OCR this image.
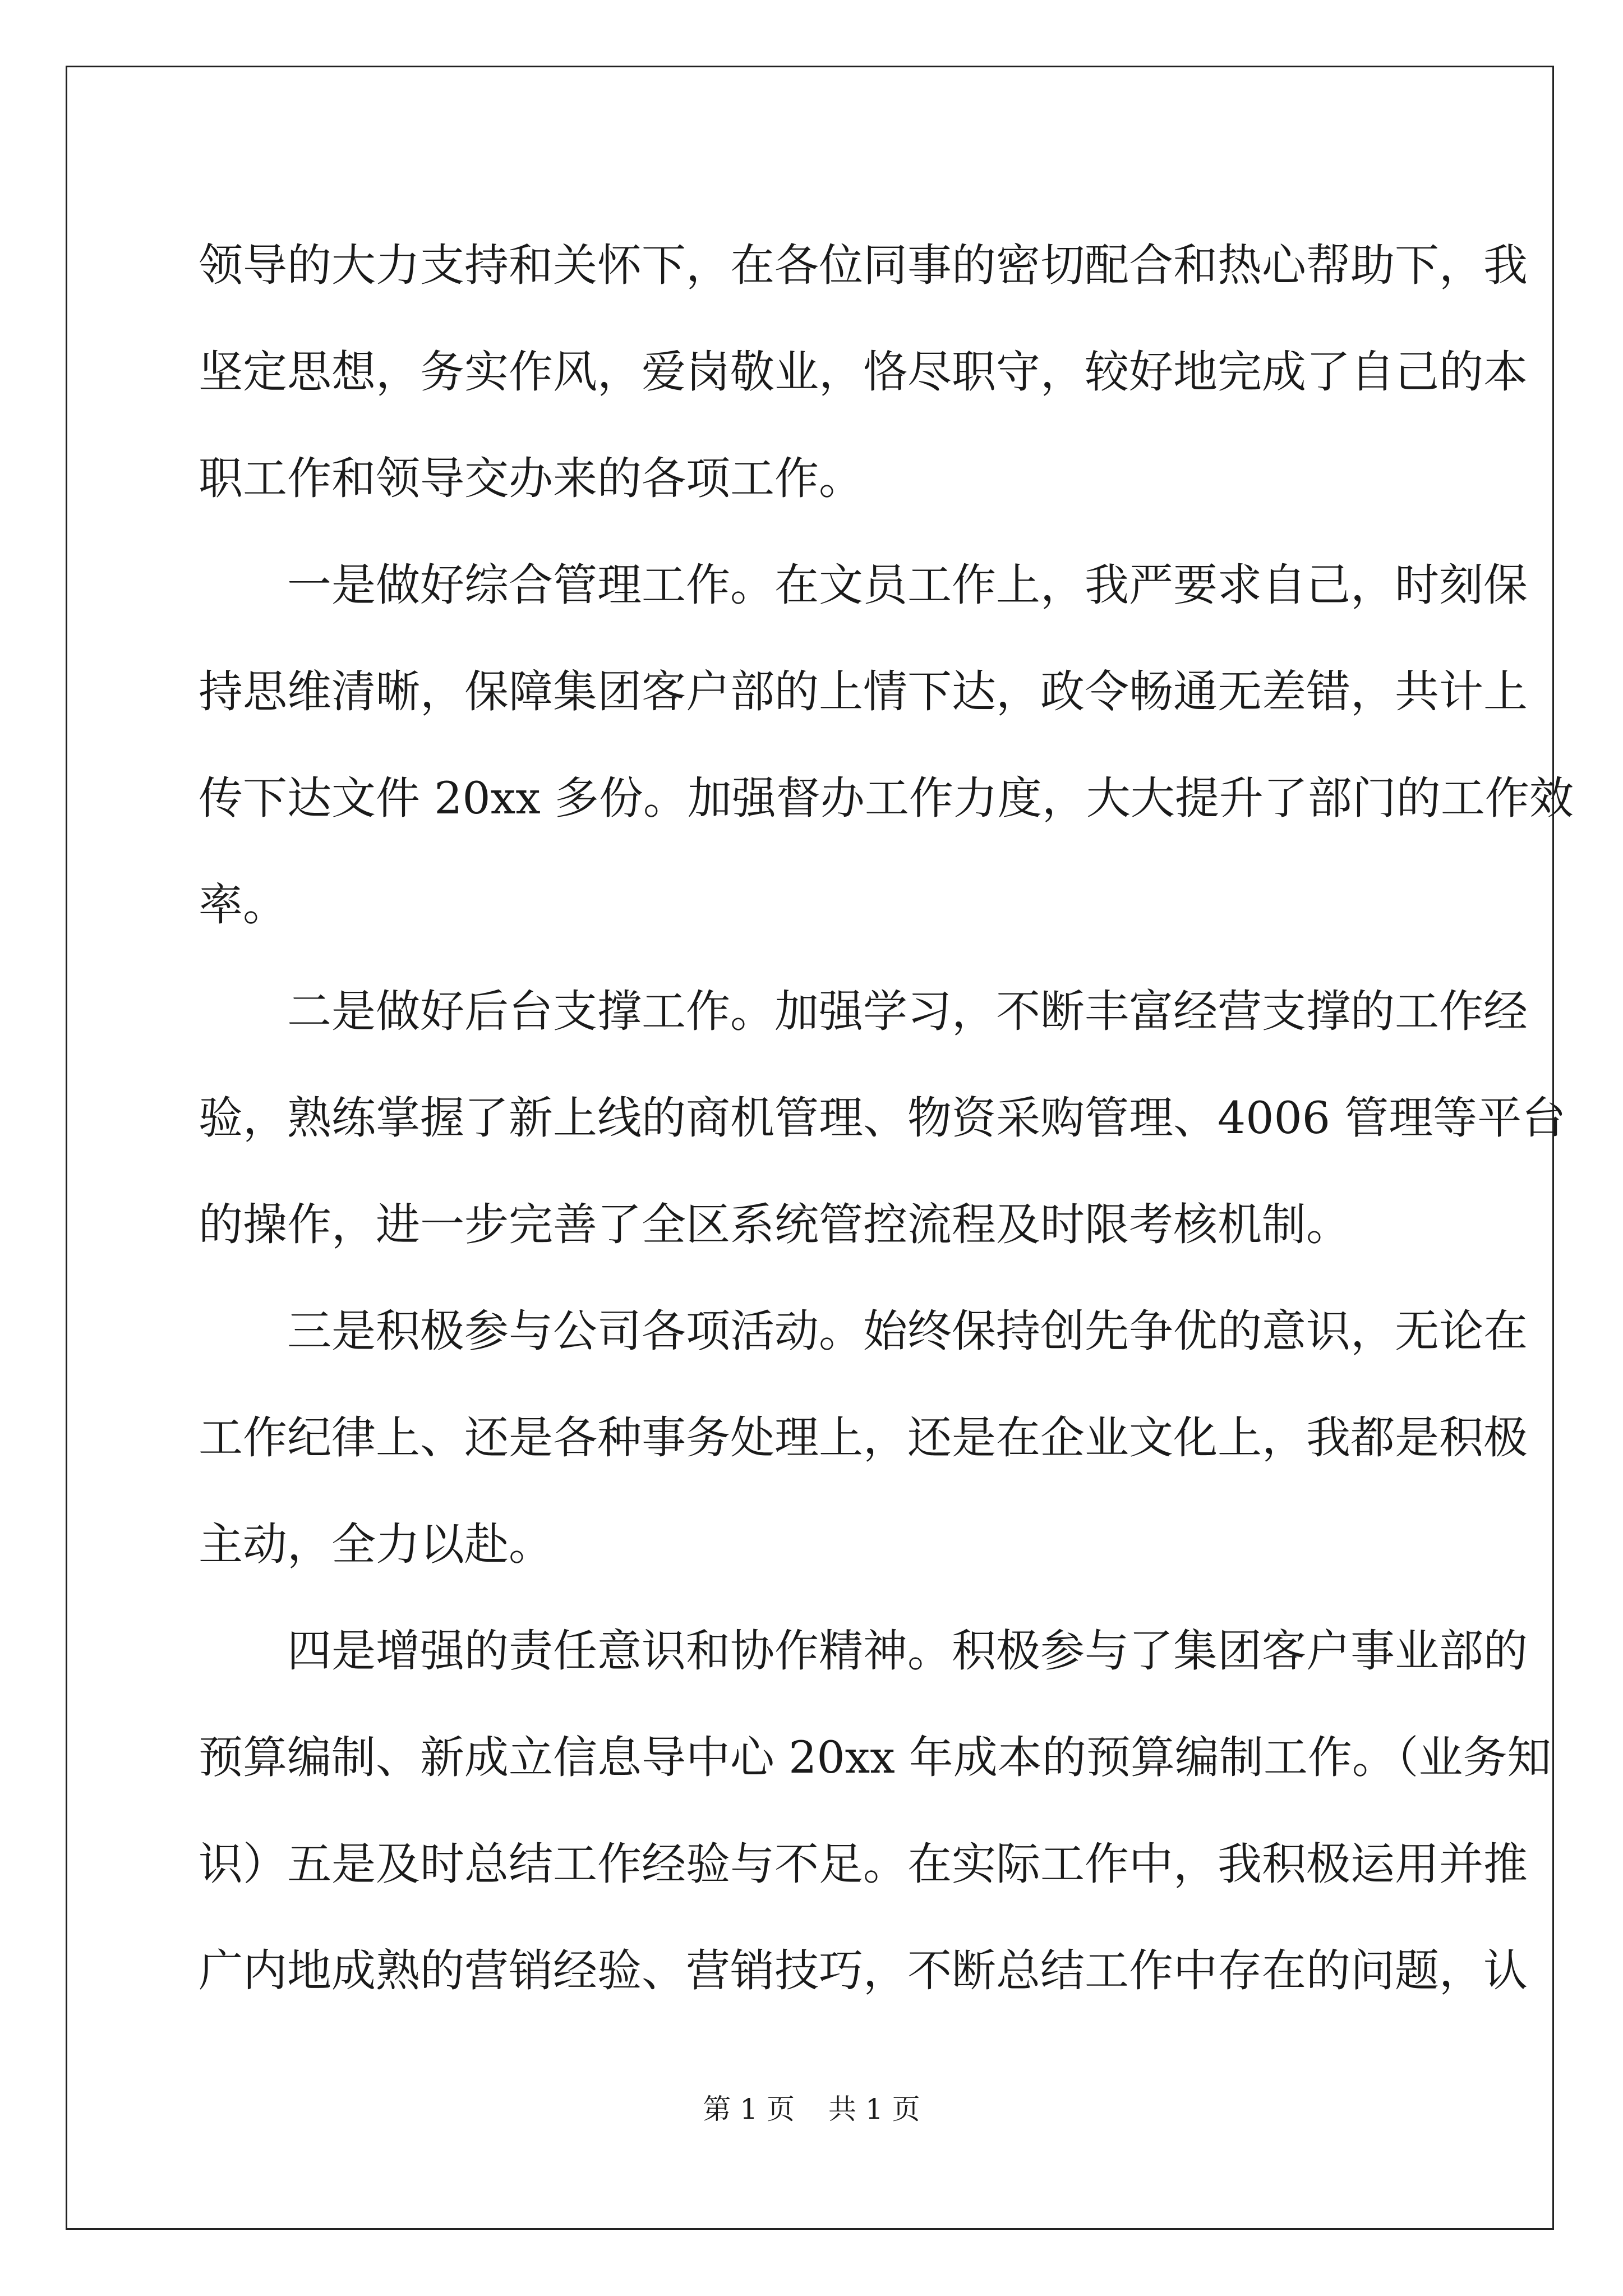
领导的大力支持和关怀下，在各位同事的密切配合和热心帮助下，我
坚定思想，务实作风，爱岗敬业，恪尽职守，较好地完成了自己的本
职工作和领导交办来的各项工作。
一是做好综合管理工作。在文员工作上，我严要求自己，时刻保
持思维清晰，保障集团客户部的上情下达，政令畅通无差错，共计上
传下达文件 20xx 多份。加强督办工作力度，大大提升了部门的工作效
率。
二是做好后台支撑工作。加强学习，不断丰富经营支撑的工作经
验，熟练掌握了新上线的商机管理、物资采购管理、4006 管理等平台
的操作，进一步完善了全区系统管控流程及时限考核机制。
三是积极参与公司各项活动。始终保持创先争优的意识，无论在
工作纪律上、还是各种事务处理上，还是在企业文化上，我都是积极
主动，全力以赴。
四是增强的责任意识和协作精神。积极参与了集团客户事业部的
预算编制、新成立信息导中心 20xx 年成本的预算编制工作。（业务知
识）五是及时总结工作经验与不足。在实际工作中，我积极运用并推
广内地成熟的营销经验、营销技巧，不断总结工作中存在的问题，认
第 1 页 共 1 页
